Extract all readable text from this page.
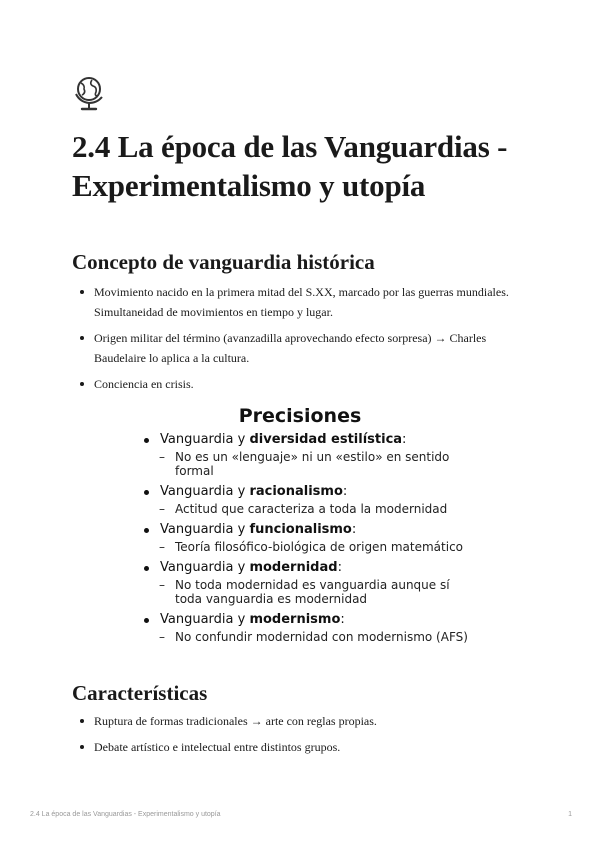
2.4 La época de las Vanguardias - Experimentalismo y utopía
Concepto de vanguardia histórica
Movimiento nacido en la primera mitad del S.XX, marcado por las guerras mundiales. Simultaneidad de movimientos en tiempo y lugar.
Origen militar del término (avanzadilla aprovechando efecto sorpresa) → Charles Baudelaire lo aplica a la cultura.
Conciencia en crisis.
Precisiones
Vanguardia y diversidad estilística:
– No es un «lenguaje» ni un «estilo» en sentido formal
Vanguardia y racionalismo:
– Actitud que caracteriza a toda la modernidad
Vanguardia y funcionalismo:
– Teoría filosófico-biológica de origen matemático
Vanguardia y modernidad:
– No toda modernidad es vanguardia aunque sí toda vanguardia es modernidad
Vanguardia y modernismo:
– No confundir modernidad con modernismo (AFS)
Características
Ruptura de formas tradicionales → arte con reglas propias.
Debate artístico e intelectual entre distintos grupos.
2.4 La época de las Vanguardias - Experimentalismo y utopía	1
